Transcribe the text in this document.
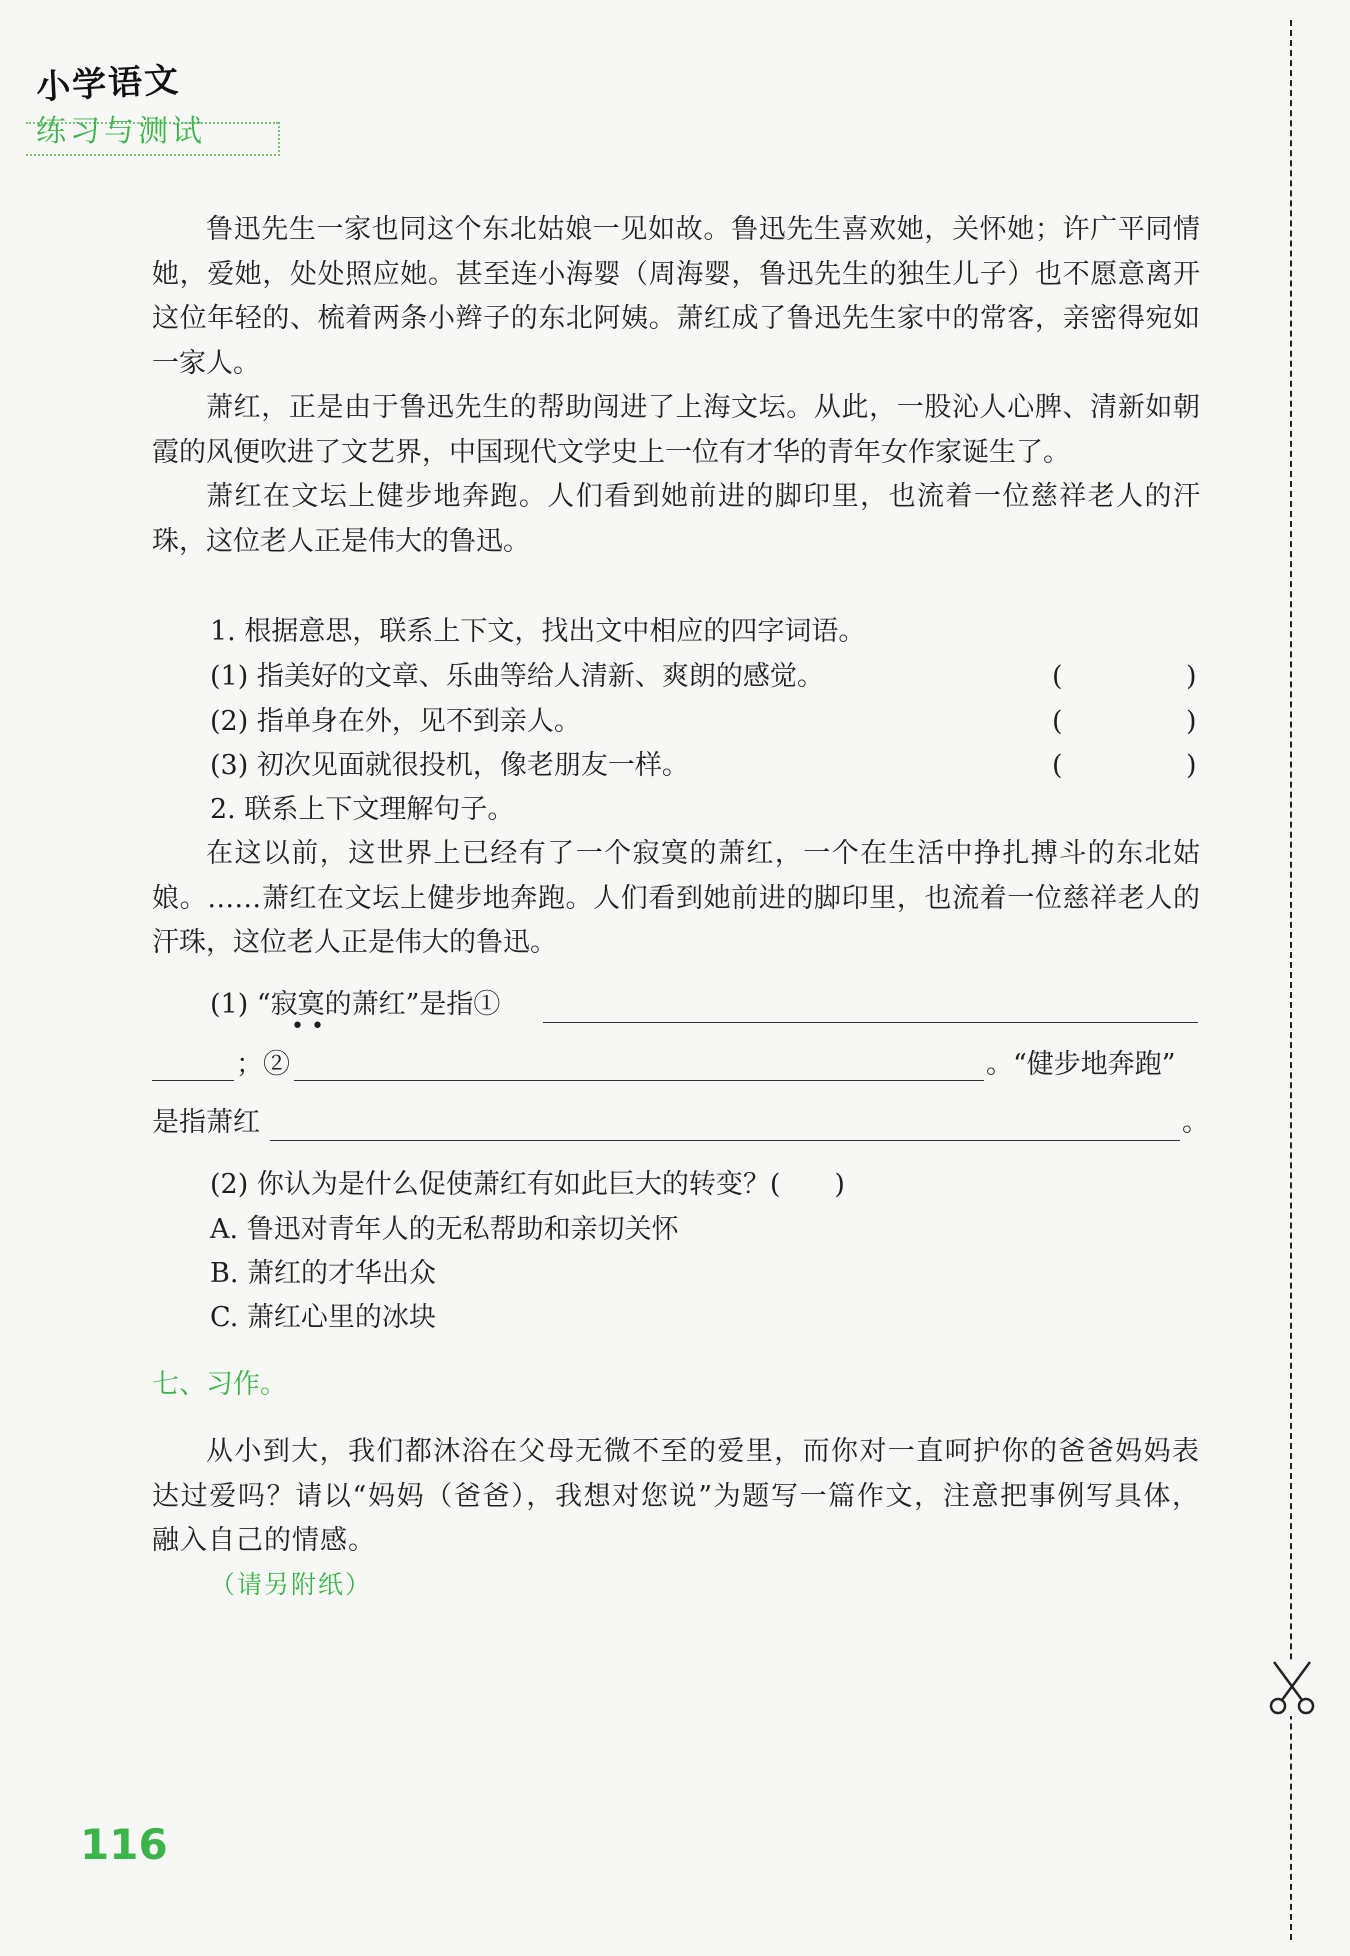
小学语文
练习与测试

鲁迅先生一家也同这个东北姑娘一见如故。鲁迅先生喜欢她，关怀她；许广平同情她，爱她，处处照应她。甚至连小海婴（周海婴，鲁迅先生的独生儿子）也不愿意离开这位年轻的、梳着两条小辫子的东北阿姨。萧红成了鲁迅先生家中的常客，亲密得宛如一家人。

萧红，正是由于鲁迅先生的帮助闯进了上海文坛。从此，一股沁人心脾、清新如朝霞的风便吹进了文艺界，中国现代文学史上一位有才华的青年女作家诞生了。

萧红在文坛上健步地奔跑。人们看到她前进的脚印里，也流着一位慈祥老人的汗珠，这位老人正是伟大的鲁迅。

1. 根据意思，联系上下文，找出文中相应的四字词语。
(1) 指美好的文章、乐曲等给人清新、爽朗的感觉。	(	)
(2) 指单身在外，见不到亲人。	(	)
(3) 初次见面就很投机，像老朋友一样。	(	)
2. 联系上下文理解句子。

在这以前，这世界上已经有了一个寂寞的萧红，一个在生活中挣扎搏斗的东北姑娘。……萧红在文坛上健步地奔跑。人们看到她前进的脚印里，也流着一位慈祥老人的汗珠，这位老人正是伟大的鲁迅。

(1) “寂寞的萧红”是指①
• •
；②	。“健步地奔跑”
是指萧红	。
(2) 你认为是什么促使萧红有如此巨大的转变？(　　)
A. 鲁迅对青年人的无私帮助和亲切关怀
B. 萧红的才华出众
C. 萧红心里的冰块
七、习作。

从小到大，我们都沐浴在父母无微不至的爱里，而你对一直呵护你的爸爸妈妈表达过爱吗？请以“妈妈（爸爸），我想对您说”为题写一篇作文，注意把事例写具体，融入自己的情感。

（请另附纸）
116
